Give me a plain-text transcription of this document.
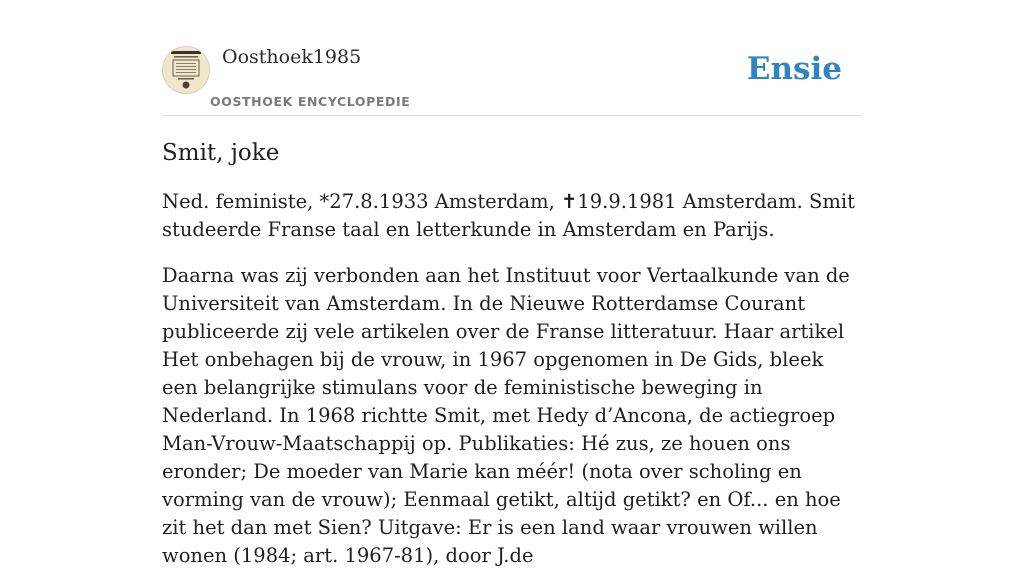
Oosthoek1985
OOSTHOEK ENCYCLOPEDIE
Ensie
Smit, joke

Ned. feministe, *27.8.1933 Amsterdam, ✝19.9.1981 Amsterdam. Smit studeerde Franse taal en letterkunde in Amsterdam en Parijs.

Daarna was zij verbonden aan het Instituut voor Vertaalkunde van de Universiteit van Amsterdam. In de Nieuwe Rotterdamse Courant publiceerde zij vele artikelen over de Franse litteratuur. Haar artikel Het onbehagen bij de vrouw, in 1967 opgenomen in De Gids, bleek een belangrijke stimulans voor de feministische beweging in Nederland. In 1968 richtte Smit, met Hedy d’Ancona, de actiegroep Man-Vrouw-Maatschappij op. Publikaties: Hé zus, ze houen ons eronder; De moeder van Marie kan méér! (nota over scholing en vorming van de vrouw); Eenmaal getikt, altijd getikt? en Of... en hoe zit het dan met Sien? Uitgave: Er is een land waar vrouwen willen wonen (1984; art. 1967-81), door J.de
